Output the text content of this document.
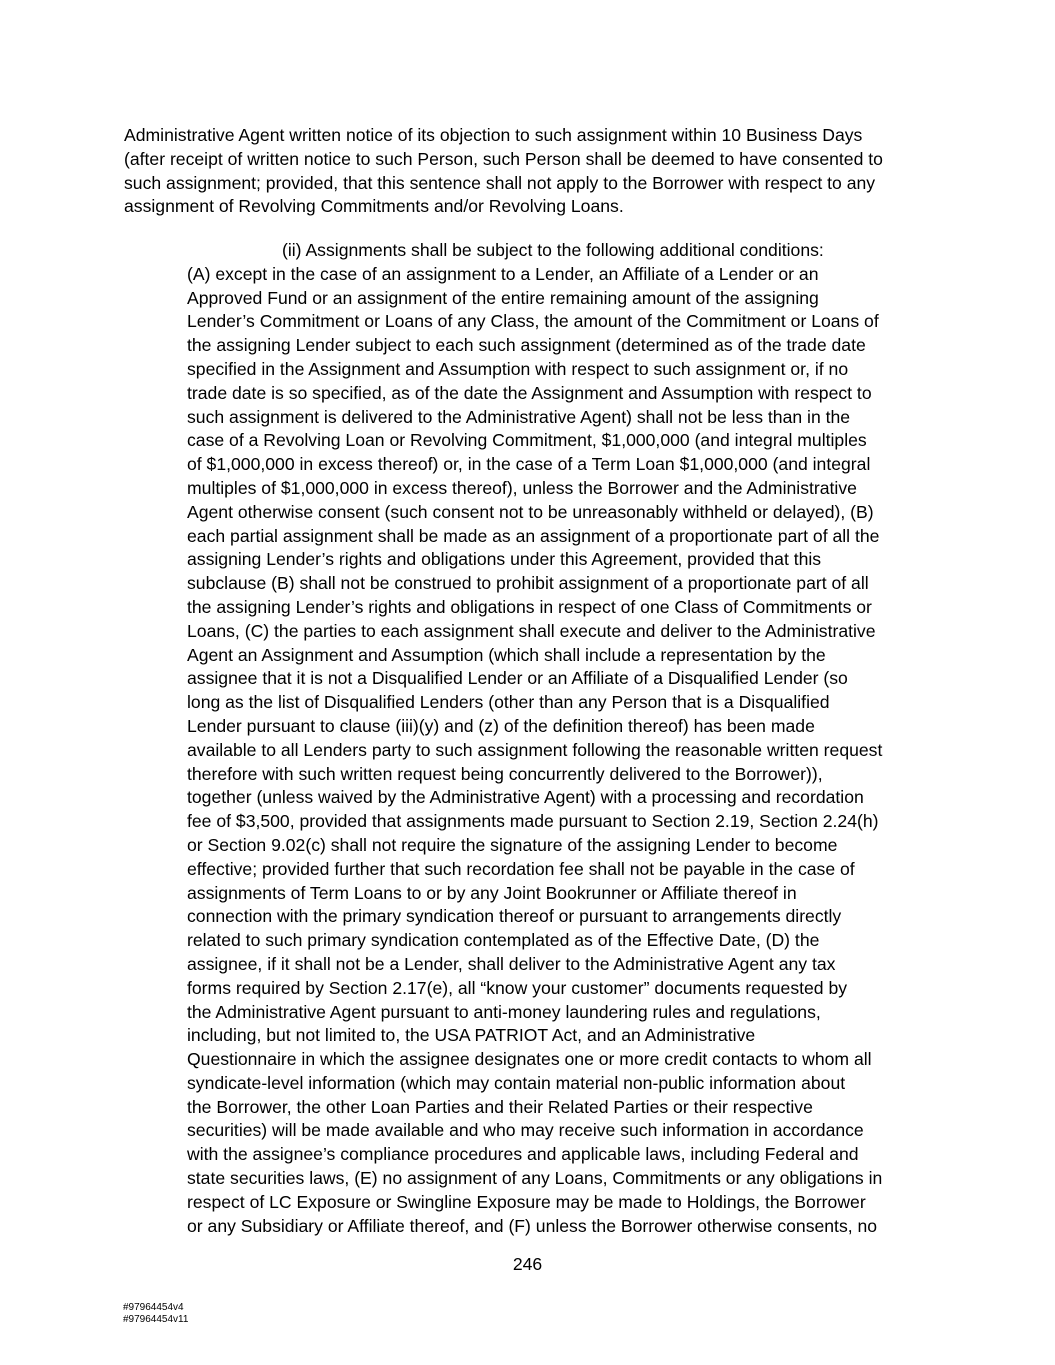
Administrative Agent written notice of its objection to such assignment within 10 Business Days
(after receipt of written notice to such Person, such Person shall be deemed to have consented to
such assignment; provided, that this sentence shall not apply to the Borrower with respect to any
assignment of Revolving Commitments and/or Revolving Loans.
(ii) Assignments shall be subject to the following additional conditions:
(A) except in the case of an assignment to a Lender, an Affiliate of a Lender or an
Approved Fund or an assignment of the entire remaining amount of the assigning
Lender’s Commitment or Loans of any Class, the amount of the Commitment or Loans of
the assigning Lender subject to each such assignment (determined as of the trade date
specified in the Assignment and Assumption with respect to such assignment or, if no
trade date is so specified, as of the date the Assignment and Assumption with respect to
such assignment is delivered to the Administrative Agent) shall not be less than in the
case of a Revolving Loan or Revolving Commitment, $1,000,000 (and integral multiples
of $1,000,000 in excess thereof) or, in the case of a Term Loan $1,000,000 (and integral
multiples of $1,000,000 in excess thereof), unless the Borrower and the Administrative
Agent otherwise consent (such consent not to be unreasonably withheld or delayed), (B)
each partial assignment shall be made as an assignment of a proportionate part of all the
assigning Lender’s rights and obligations under this Agreement, provided that this
subclause (B) shall not be construed to prohibit assignment of a proportionate part of all
the assigning Lender’s rights and obligations in respect of one Class of Commitments or
Loans, (C) the parties to each assignment shall execute and deliver to the Administrative
Agent an Assignment and Assumption (which shall include a representation by the
assignee that it is not a Disqualified Lender or an Affiliate of a Disqualified Lender (so
long as the list of Disqualified Lenders (other than any Person that is a Disqualified
Lender pursuant to clause (iii)(y) and (z) of the definition thereof) has been made
available to all Lenders party to such assignment following the reasonable written request
therefore with such written request being concurrently delivered to the Borrower)),
together (unless waived by the Administrative Agent) with a processing and recordation
fee of $3,500, provided that assignments made pursuant to Section 2.19, Section 2.24(h)
or Section 9.02(c) shall not require the signature of the assigning Lender to become
effective; provided further that such recordation fee shall not be payable in the case of
assignments of Term Loans to or by any Joint Bookrunner or Affiliate thereof in
connection with the primary syndication thereof or pursuant to arrangements directly
related to such primary syndication contemplated as of the Effective Date, (D) the
assignee, if it shall not be a Lender, shall deliver to the Administrative Agent any tax
forms required by Section 2.17(e), all “know your customer” documents requested by
the Administrative Agent pursuant to anti-money laundering rules and regulations,
including, but not limited to, the USA PATRIOT Act, and an Administrative
Questionnaire in which the assignee designates one or more credit contacts to whom all
syndicate-level information (which may contain material non-public information about
the Borrower, the other Loan Parties and their Related Parties or their respective
securities) will be made available and who may receive such information in accordance
with the assignee’s compliance procedures and applicable laws, including Federal and
state securities laws, (E) no assignment of any Loans, Commitments or any obligations in
respect of LC Exposure or Swingline Exposure may be made to Holdings, the Borrower
or any Subsidiary or Affiliate thereof, and (F) unless the Borrower otherwise consents, no
246
#97964454v4
#97964454v11
